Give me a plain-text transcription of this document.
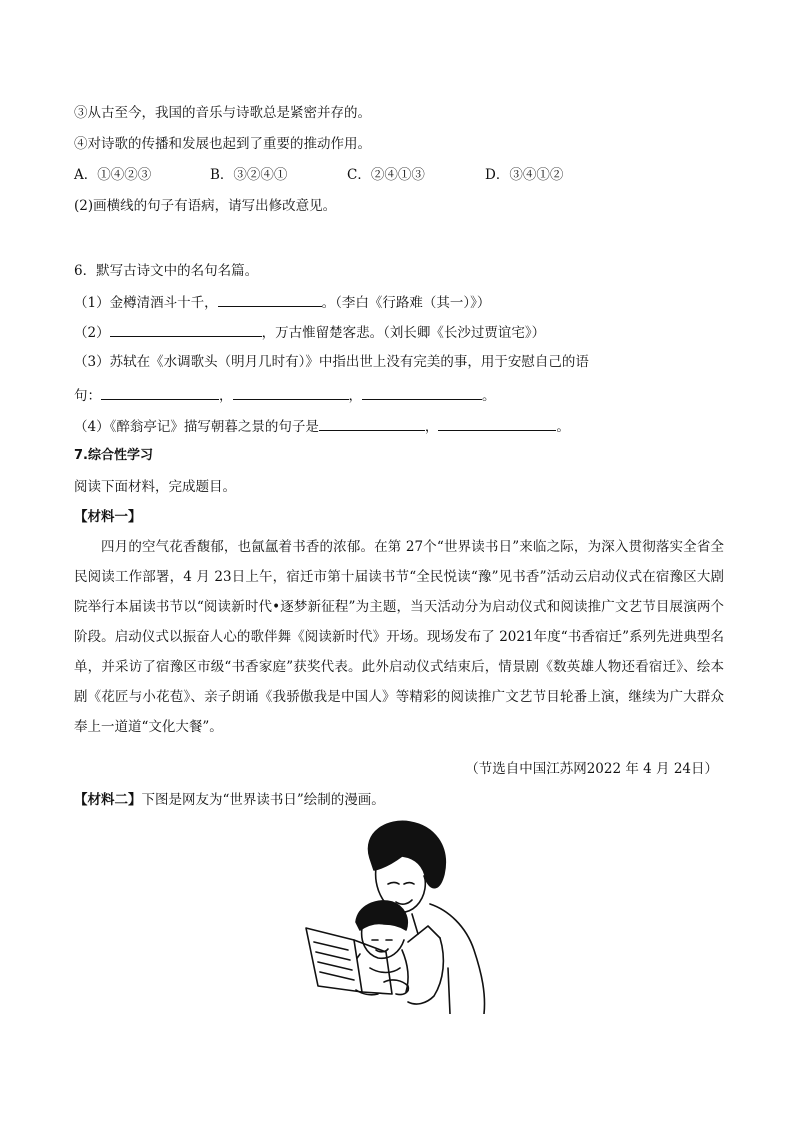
③从古至今，我国的音乐与诗歌总是紧密并存的。
④对诗歌的传播和发展也起到了重要的推动作用。
A．①④②③	B．③②④①	C．②④①③	D．③④①②
(2)画横线的句子有语病，请写出修改意见。
6．默写古诗文中的名句名篇。
（1）金樽清酒斗十千，	。（李白《行路难（其一）》）
（2）	，万古惟留楚客悲。（刘长卿《长沙过贾谊宅》）
（3）苏轼在《水调歌头（明月几时有）》中指出世上没有完美的事，用于安慰自己的语
句：	，	，	。
（4）《醉翁亭记》描写朝暮之景的句子是	，	。
7.综合性学习
阅读下面材料，完成题目。
【材料一】
四月的空气花香馥郁，也氤氲着书香的浓郁。在第 27个“世界读书日”来临之际，为深入贯彻落实全省全民阅读工作部署，4 月 23日上午，宿迁市第十届读书节“全民悦读“豫”见书香”活动云启动仪式在宿豫区大剧院举行本届读书节以“阅读新时代•逐梦新征程”为主题，当天活动分为启动仪式和阅读推广文艺节目展演两个阶段。启动仪式以振奋人心的歌伴舞《阅读新时代》开场。现场发布了 2021年度“书香宿迁”系列先进典型名单，并采访了宿豫区市级“书香家庭”获奖代表。此外启动仪式结束后，情景剧《数英雄人物还看宿迁》、绘本剧《花匠与小花苞》、亲子朗诵《我骄傲我是中国人》等精彩的阅读推广文艺节目轮番上演，继续为广大群众奉上一道道“文化大餐”。
（节选自中国江苏网2022 年 4 月 24日）
【材料二】下图是网友为“世界读书日”绘制的漫画。
